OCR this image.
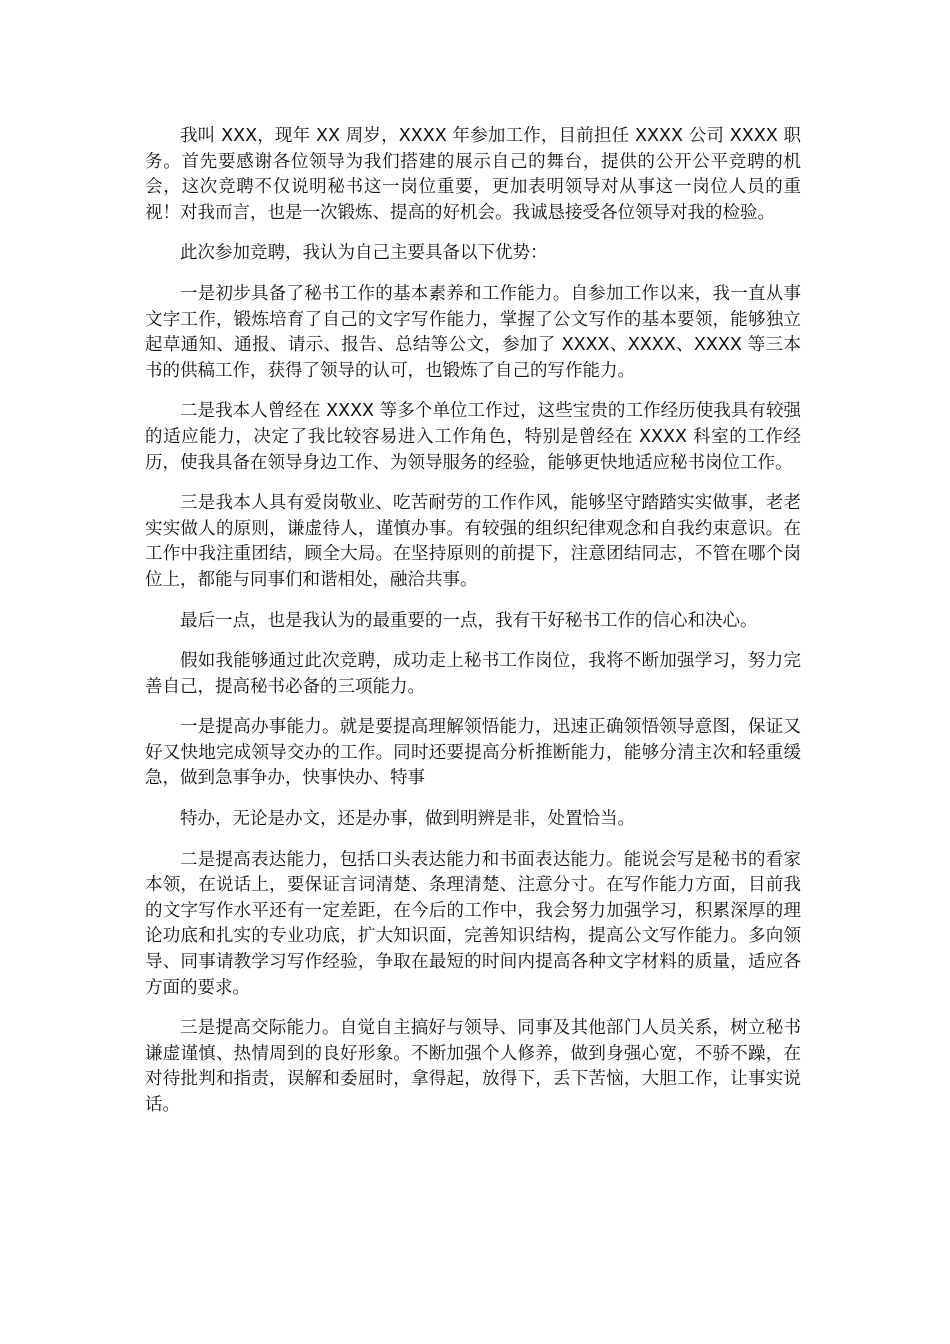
我叫 XXX，现年 XX 周岁，XXXX 年参加工作，目前担任 XXXX 公司 XXXX 职务。首先要感谢各位领导为我们搭建的展示自己的舞台，提供的公开公平竞聘的机会，这次竞聘不仅说明秘书这一岗位重要，更加表明领导对从事这一岗位人员的重视！对我而言，也是一次锻炼、提高的好机会。我诚恳接受各位领导对我的检验。

此次参加竞聘，我认为自己主要具备以下优势：

一是初步具备了秘书工作的基本素养和工作能力。自参加工作以来，我一直从事文字工作，锻炼培育了自己的文字写作能力，掌握了公文写作的基本要领，能够独立起草通知、通报、请示、报告、总结等公文，参加了 XXXX、XXXX、XXXX 等三本书的供稿工作，获得了领导的认可，也锻炼了自己的写作能力。

二是我本人曾经在 XXXX 等多个单位工作过，这些宝贵的工作经历使我具有较强的适应能力，决定了我比较容易进入工作角色，特别是曾经在 XXXX 科室的工作经历，使我具备在领导身边工作、为领导服务的经验，能够更快地适应秘书岗位工作。

三是我本人具有爱岗敬业、吃苦耐劳的工作作风，能够坚守踏踏实实做事，老老实实做人的原则，谦虚待人，谨慎办事。有较强的组织纪律观念和自我约束意识。在工作中我注重团结，顾全大局。在坚持原则的前提下，注意团结同志，不管在哪个岗位上，都能与同事们和谐相处，融洽共事。

最后一点，也是我认为的最重要的一点，我有干好秘书工作的信心和决心。

假如我能够通过此次竞聘，成功走上秘书工作岗位，我将不断加强学习，努力完善自己，提高秘书必备的三项能力。

一是提高办事能力。就是要提高理解领悟能力，迅速正确领悟领导意图，保证又好又快地完成领导交办的工作。同时还要提高分析推断能力，能够分清主次和轻重缓急，做到急事争办，快事快办、特事

特办，无论是办文，还是办事，做到明辨是非，处置恰当。

二是提高表达能力，包括口头表达能力和书面表达能力。能说会写是秘书的看家本领，在说话上，要保证言词清楚、条理清楚、注意分寸。在写作能力方面，目前我的文字写作水平还有一定差距，在今后的工作中，我会努力加强学习，积累深厚的理论功底和扎实的专业功底，扩大知识面，完善知识结构，提高公文写作能力。多向领导、同事请教学习写作经验，争取在最短的时间内提高各种文字材料的质量，适应各方面的要求。

三是提高交际能力。自觉自主搞好与领导、同事及其他部门人员关系，树立秘书谦虚谨慎、热情周到的良好形象。不断加强个人修养，做到身强心宽，不骄不躁，在对待批判和指责，误解和委屈时，拿得起，放得下，丢下苦恼，大胆工作，让事实说话。
